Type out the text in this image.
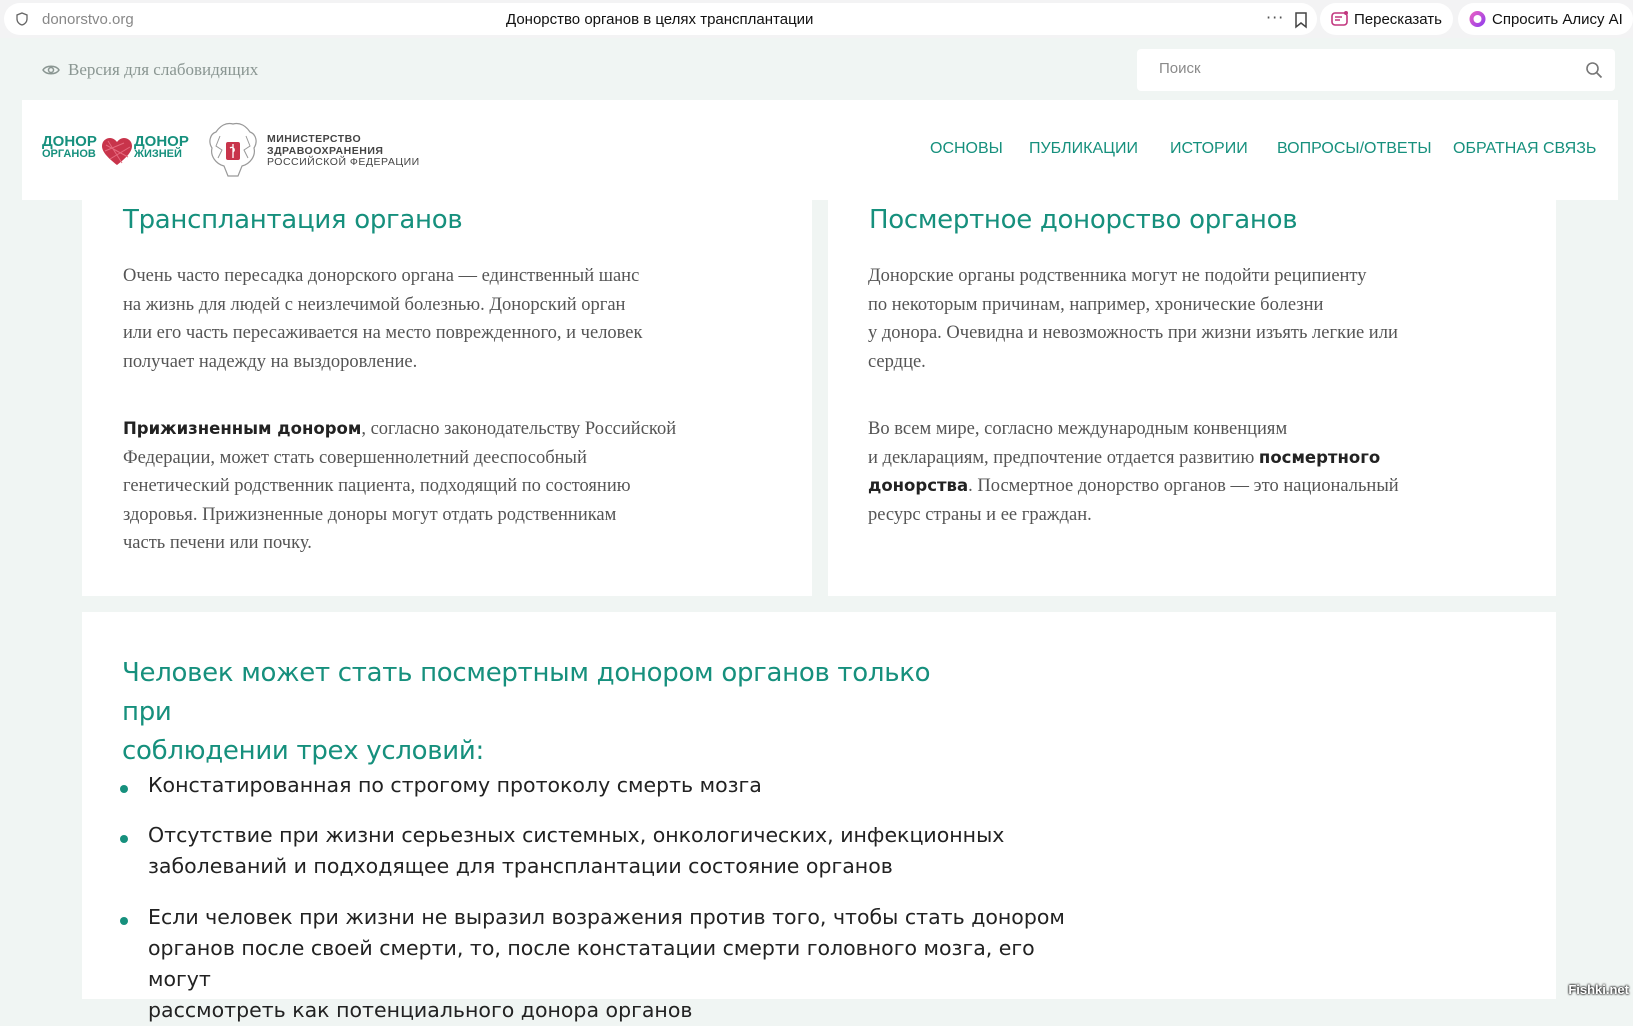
donorstvo.org	Донорство органов в целях трансплантации	···	Пересказать	Спросить Алису AI
Версия для слабовидящих
Поиск
ДОНОР
ОРГАНОВ
ДОНОР
ЖИЗНЕЙ
МИНИСТЕРСТВО
ЗДРАВООХРАНЕНИЯ
РОССИЙСКОЙ ФЕДЕРАЦИИ
ОСНОВЫ ПУБЛИКАЦИИ ИСТОРИИ ВОПРОСЫ/ОТВЕТЫ ОБРАТНАЯ СВЯЗЬ
Трансплантация органов
Очень часто пересадка донорского органа — единственный шанс
на жизнь для людей с неизлечимой болезнью. Донорский орган
или его часть пересаживается на место поврежденного, и человек
получает надежду на выздоровление.
Прижизненным донором, согласно законодательству Российской
Федерации, может стать совершеннолетний дееспособный
генетический родственник пациента, подходящий по состоянию
здоровья. Прижизненные доноры могут отдать родственникам
часть печени или почку.
Посмертное донорство органов
Донорские органы родственника могут не подойти реципиенту
по некоторым причинам, например, хронические болезни
у донора. Очевидна и невозможность при жизни изъять легкие или
сердце.
Во всем мире, согласно международным конвенциям
и декларациям, предпочтение отдается развитию посмертного
донорства. Посмертное донорство органов — это национальный
ресурс страны и ее граждан.
Человек может стать посмертным донором органов только при
соблюдении трех условий:
Констатированная по строгому протоколу смерть мозга
Отсутствие при жизни серьезных системных, онкологических, инфекционных
заболеваний и подходящее для трансплантации состояние органов
Если человек при жизни не выразил возражения против того, чтобы стать донором
органов после своей смерти, то, после констатации смерти головного мозга, его могут
рассмотреть как потенциального донора органов
Fishki.net
